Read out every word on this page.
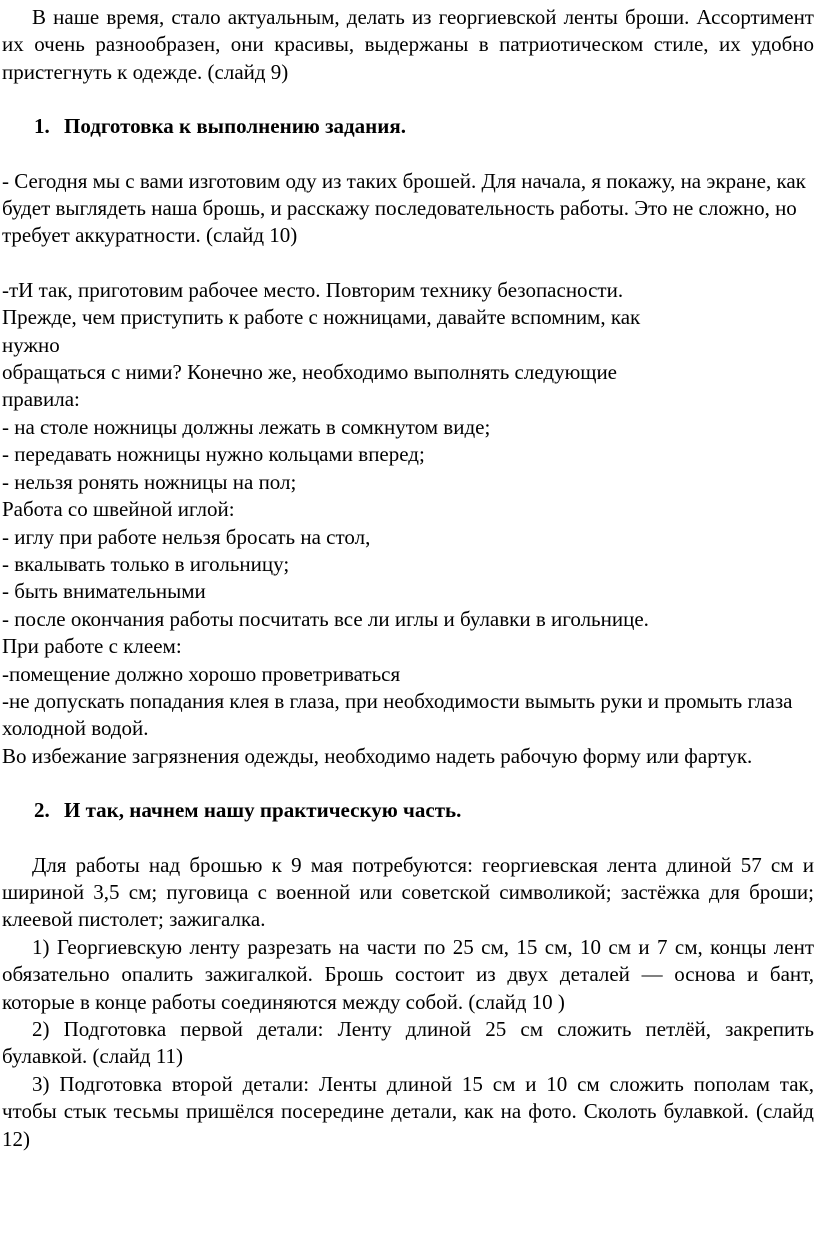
В наше время, стало актуальным, делать из георгиевской ленты броши. Ассортимент их очень разнообразен, они красивы, выдержаны в патриотическом стиле, их удобно пристегнуть к одежде. (слайд 9)

1. Подготовка к выполнению задания.

- Сегодня мы с вами изготовим оду из таких брошей. Для начала, я покажу, на экране, как будет выглядеть наша брошь, и расскажу последовательность работы. Это не сложно, но требует аккуратности. (слайд 10)

-тИ так, приготовим рабочее место. Повторим технику безопасности.

Прежде, чем приступить к работе с ножницами, давайте вспомним, как

нужно

обращаться с ними? Конечно же, необходимо выполнять следующие

правила:

- на столе ножницы должны лежать в сомкнутом виде;

- передавать ножницы нужно кольцами вперед;

- нельзя ронять ножницы на пол;

Работа со швейной иглой:

- иглу при работе нельзя бросать на стол,

- вкалывать только в игольницу;

- быть внимательными

- после окончания работы посчитать все ли иглы и булавки в игольнице.

При работе с клеем:

-помещение должно хорошо проветриваться

-не допускать попадания клея в глаза, при необходимости вымыть руки и промыть глаза холодной водой.

Во избежание загрязнения одежды, необходимо надеть рабочую форму или фартук.

2. И так, начнем нашу практическую часть.

Для работы над брошью к 9 мая потребуются: георгиевская лента длиной 57 см и шириной 3,5 см; пуговица с военной или советской символикой; застёжка для броши; клеевой пистолет; зажигалка.

1) Георгиевскую ленту разрезать на части по 25 см, 15 см, 10 см и 7 см, концы лент обязательно опалить зажигалкой. Брошь состоит из двух деталей — основа и бант, которые в конце работы соединяются между собой. (слайд 10 )

2) Подготовка первой детали: Ленту длиной 25 см сложить петлёй, закрепить булавкой. (слайд 11)

3) Подготовка второй детали: Ленты длиной 15 см и 10 см сложить пополам так, чтобы стык тесьмы пришёлся посередине детали, как на фото. Сколоть булавкой. (слайд 12)
